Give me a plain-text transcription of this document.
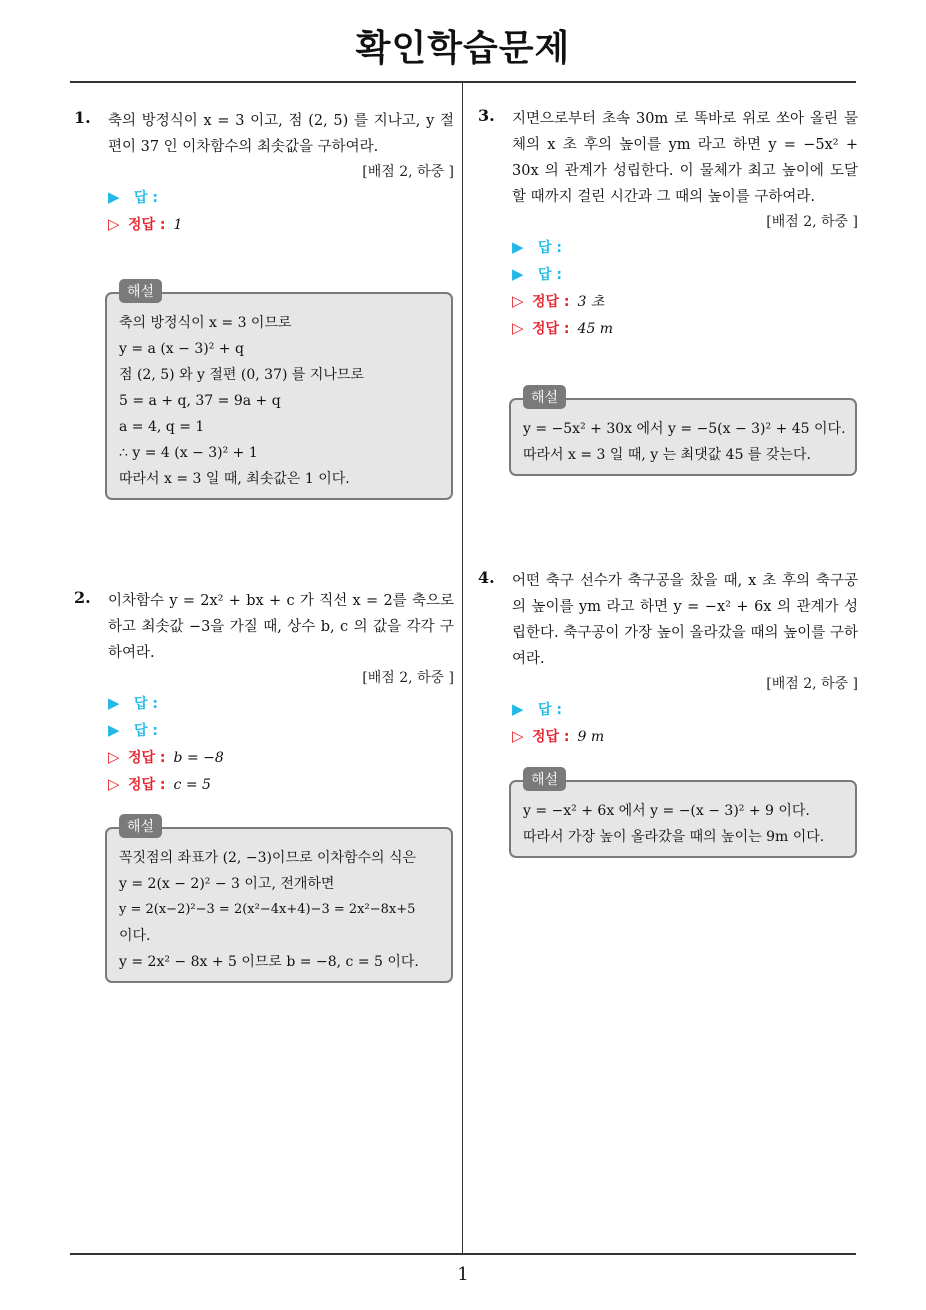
확인학습문제
1. 축의 방정식이 x = 3 이고, 점 (2, 5) 를 지나고, y 절편이 37 인 이차함수의 최솟값을 구하여라.
[배점 2, 하중 ]
▶ 답 :
▷ 정답 : 1
해설
축의 방정식이 x = 3 이므로
y = a (x − 3)² + q
점 (2, 5) 와 y 절편 (0, 37) 를 지나므로
5 = a + q, 37 = 9a + q
a = 4, q = 1
∴ y = 4 (x − 3)² + 1
따라서 x = 3 일 때, 최솟값은 1 이다.
2. 이차함수 y = 2x² + bx + c 가 직선 x = 2를 축으로 하고 최솟값 −3을 가질 때, 상수 b, c 의 값을 각각 구하여라.
[배점 2, 하중 ]
▶ 답 :
▶ 답 :
▷ 정답 : b = −8
▷ 정답 : c = 5
해설
꼭짓점의 좌표가 (2, −3)이므로 이차함수의 식은
y = 2(x − 2)² − 3 이고, 전개하면
y = 2(x−2)²−3 = 2(x²−4x+4)−3 = 2x²−8x+5
이다.
y = 2x² − 8x + 5 이므로 b = −8, c = 5 이다.
3. 지면으로부터 초속 30m 로 똑바로 위로 쏘아 올린 물체의 x 초 후의 높이를 ym 라고 하면 y = −5x² + 30x 의 관계가 성립한다. 이 물체가 최고 높이에 도달할 때까지 걸린 시간과 그 때의 높이를 구하여라.
[배점 2, 하중 ]
▶ 답 :
▶ 답 :
▷ 정답 : 3 초
▷ 정답 : 45 m
해설
y = −5x² + 30x 에서 y = −5(x − 3)² + 45 이다.
따라서 x = 3 일 때, y 는 최댓값 45 를 갖는다.
4. 어떤 축구 선수가 축구공을 찼을 때, x 초 후의 축구공의 높이를 ym 라고 하면 y = −x² + 6x 의 관계가 성립한다. 축구공이 가장 높이 올라갔을 때의 높이를 구하여라.
[배점 2, 하중 ]
▶ 답 :
▷ 정답 : 9 m
해설
y = −x² + 6x 에서 y = −(x − 3)² + 9 이다.
따라서 가장 높이 올라갔을 때의 높이는 9m 이다.
1
